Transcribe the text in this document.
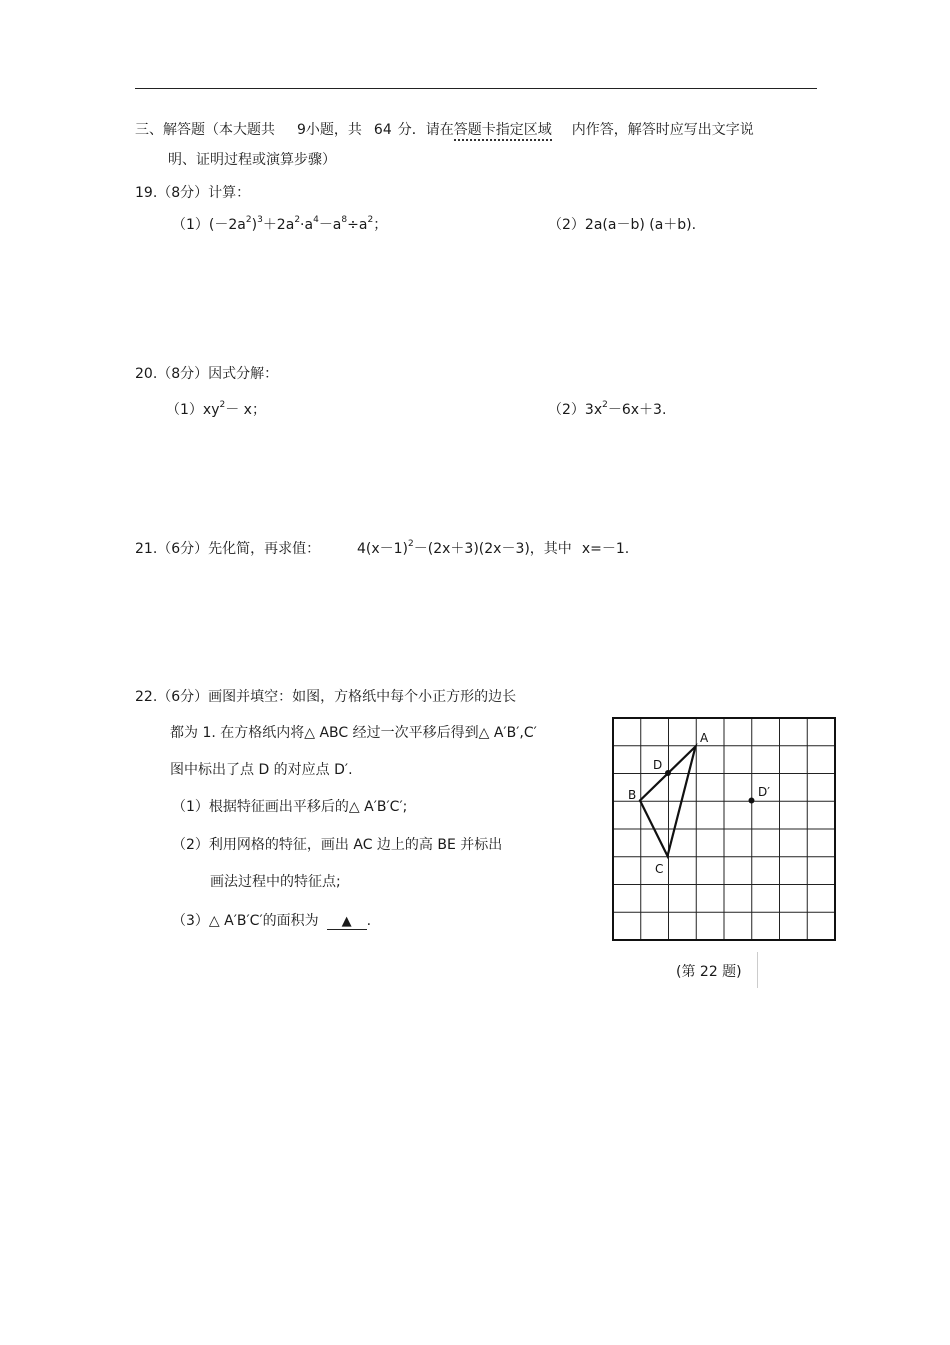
三、解答题（本大题共 9小题，共 64 分．请在答题卡指定区域 内作答，解答时应写出文字说
明、证明过程或演算步骤）
19.（8分）计算：
$(1)(-2a^2)^3+2a^2\cdot a^4-a^8\div a^2$；	（2）2a(a－b) (a＋b).
20.（8分）因式分解：
$(1)xy^2- x$；	$(2)3x^2-6x+3$.
21.（6分）先化简，再求值：	$4(x-1)^2-(2x+3)(2x-3)$，其中 x=－1.
22.（6分）画图并填空：如图，方格纸中每个小正方形的边长
都为 1. 在方格纸内将△ ABC 经过一次平移后得到△ A′B′,C′
图中标出了点 D 的对应点 D′.
（1）根据特征画出平移后的△ A′B′C′;
（2）利用网格的特征，画出 AC 边上的高 BE 并标出
画法过程中的特征点;
（3）△ A′B′C′的面积为 ▲ .
A
B
C
D
D′
(第 22 题)
